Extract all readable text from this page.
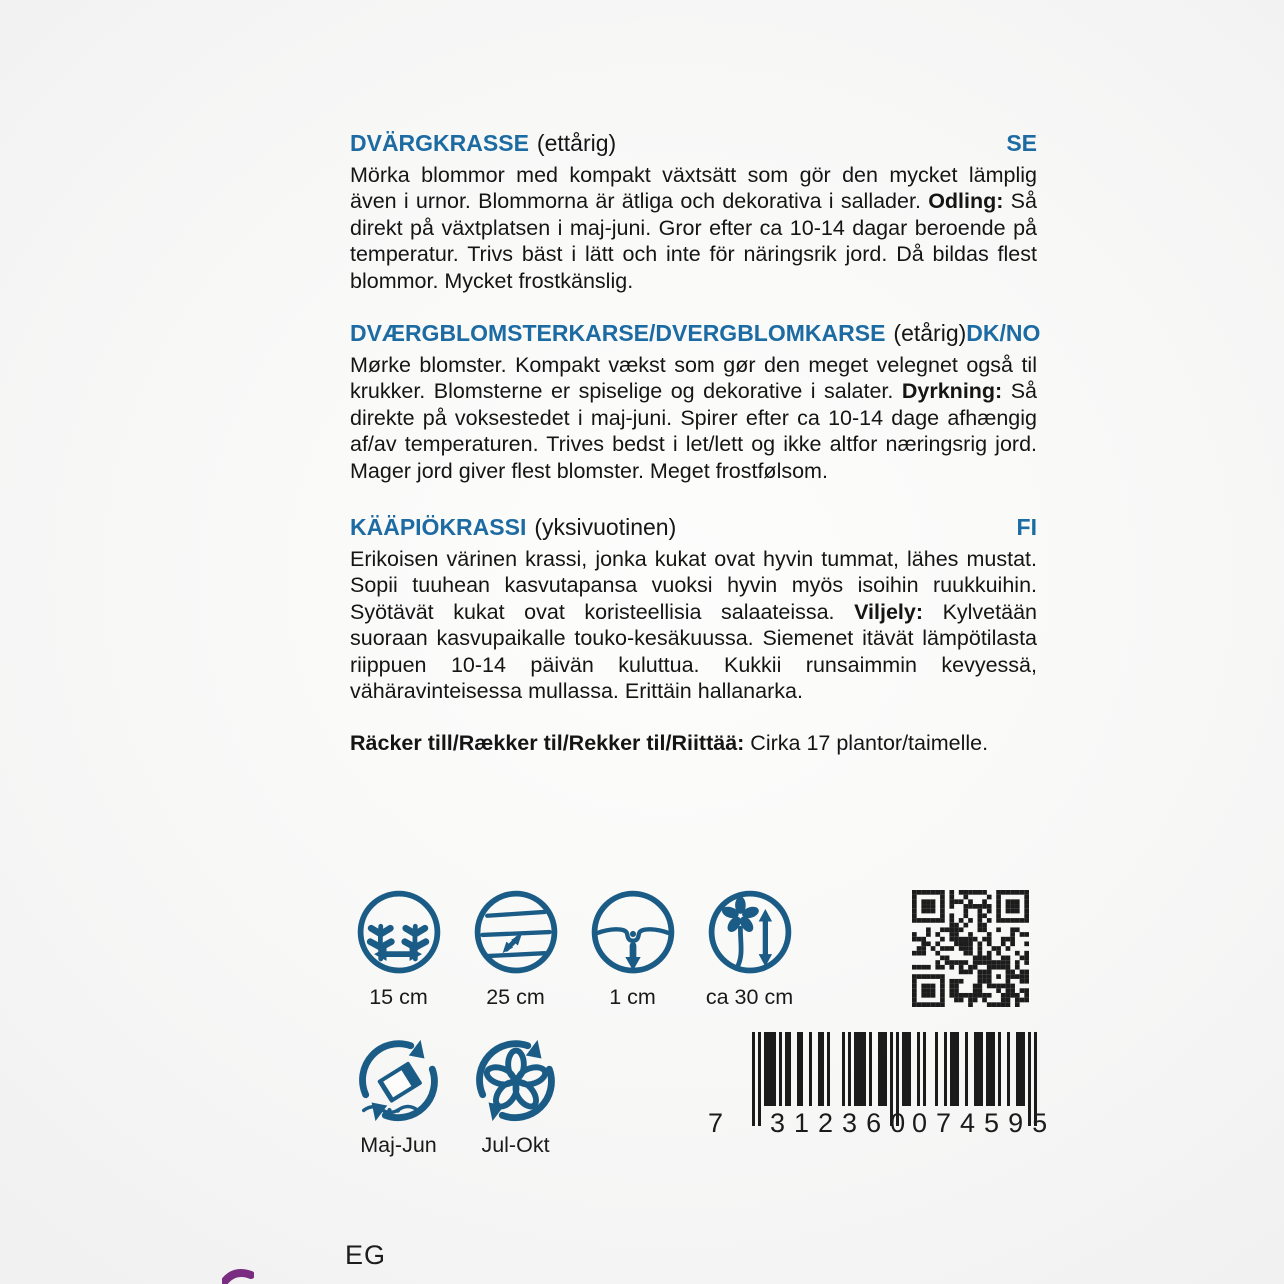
DVÄRGKRASSE (ettårig)	SE

Mörka blommor med kompakt växtsätt som gör den mycket lämplig även i urnor. Blommorna är ätliga och dekorativa i sallader. Odling: Så direkt på växtplatsen i maj-juni. Gror efter ca 10-14 dagar beroende på temperatur. Trivs bäst i lätt och inte för näringsrik jord. Då bildas flest blommor. Mycket frostkänslig.

DVÆRGBLOMSTERKARSE/DVERGBLOMKARSE (etårig) DK/NO

Mørke blomster. Kompakt vækst som gør den meget velegnet også til krukker. Blomsterne er spiselige og dekorative i salater. Dyrkning: Så direkte på voksestedet i maj-juni. Spirer efter ca 10-14 dage afhængig af/av temperaturen. Trives bedst i let/lett og ikke altfor næringsrig jord. Mager jord giver flest blomster. Meget frostfølsom.

KÄÄPIÖKRASSI (yksivuotinen)	FI

Erikoisen värinen krassi, jonka kukat ovat hyvin tummat, lähes mustat. Sopii tuuhean kasvutapansa vuoksi hyvin myös isoihin ruukkuihin. Syötävät kukat ovat koristeellisia salaateissa. Viljely: Kylvetään suoraan kasvupaikalle touko-kesäkuussa. Siemenet itävät lämpötilasta riippuen 10-14 päivän kuluttua. Kukkii runsaimmin kevyessä, vähäravinteisessa mullassa. Erittäin hallanarka.

Räcker till/Rækker til/Rekker til/Riittää: Cirka 17 plantor/taimelle.

15 cm	25 cm	1 cm ca 30 cm
Maj-Jun Jul-Okt
7 312360
074595
EG
